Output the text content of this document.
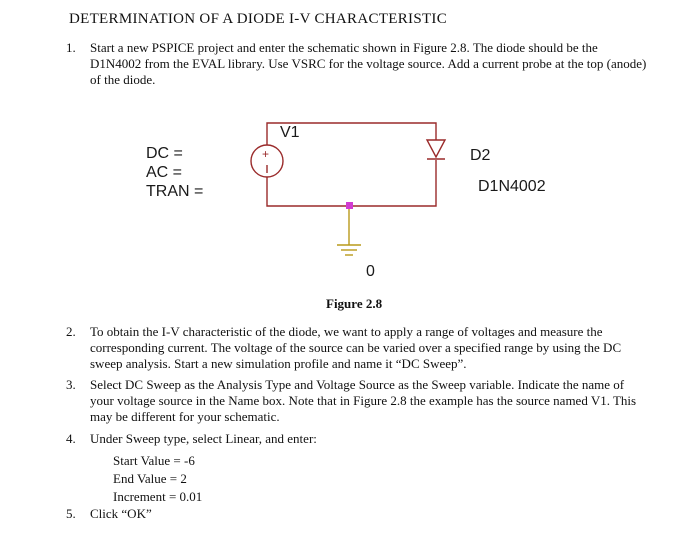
DETERMINATION OF A DIODE I-V CHARACTERISTIC
1. Start a new PSPICE project and enter the schematic shown in Figure 2.8. The diode should be the D1N4002 from the EVAL library. Use VSRC for the voltage source. Add a current probe at the top (anode) of the diode.
+
V1
DC =
AC =
TRAN =
D2
D1N4002
0
Figure 2.8
2. To obtain the I-V characteristic of the diode, we want to apply a range of voltages and measure the corresponding current. The voltage of the source can be varied over a specified range by using the DC sweep analysis. Start a new simulation profile and name it “DC Sweep”.
3. Select DC Sweep as the Analysis Type and Voltage Source as the Sweep variable. Indicate the name of your voltage source in the Name box. Note that in Figure 2.8 the example has the source named V1. This may be different for your schematic.
4. Under Sweep type, select Linear, and enter:
Start Value = -6
End Value = 2
Increment = 0.01
5. Click “OK”
